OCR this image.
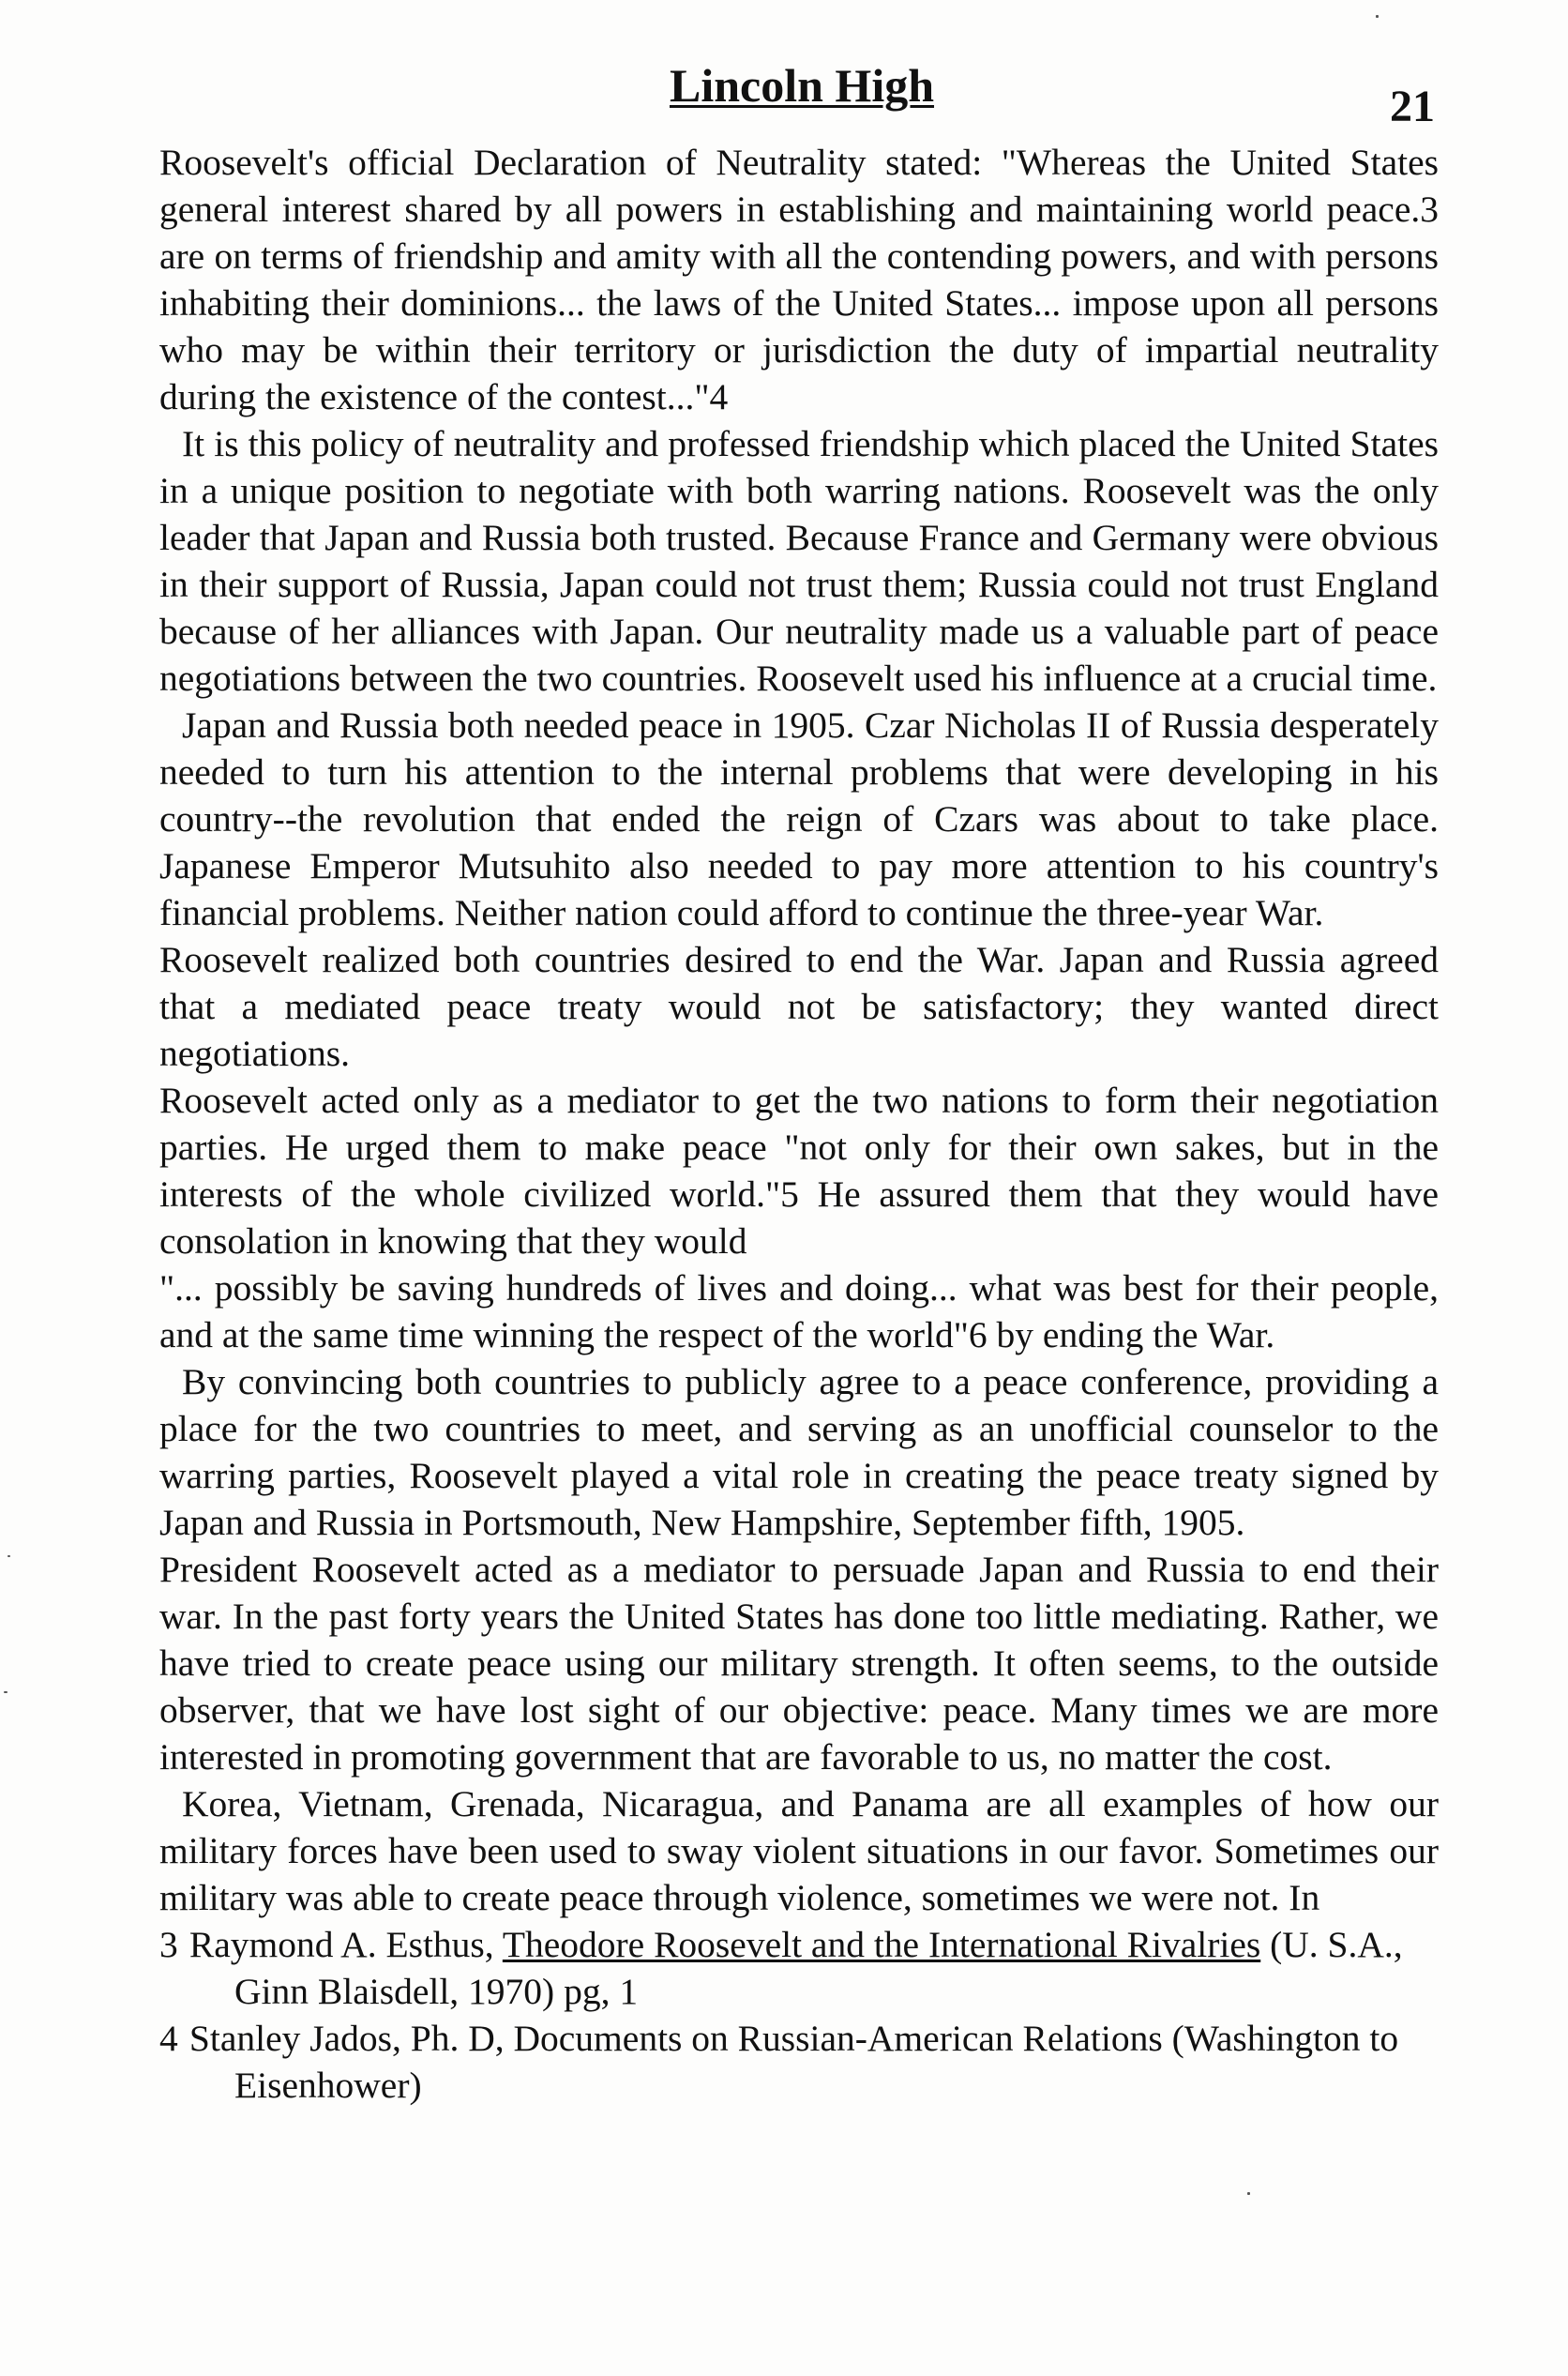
Lincoln High	21

Roosevelt's official Declaration of Neutrality stated: "Whereas the United States general interest shared by all powers in establishing and maintaining world peace.3 are on terms of friendship and amity with all the contending powers, and with persons inhabiting their dominions... the laws of the United States... impose upon all persons who may be within their territory or jurisdiction the duty of impartial neutrality during the existence of the contest..."4

It is this policy of neutrality and professed friendship which placed the United States in a unique position to negotiate with both warring nations. Roosevelt was the only leader that Japan and Russia both trusted. Because France and Germany were obvious in their support of Russia, Japan could not trust them; Russia could not trust England because of her alliances with Japan. Our neutrality made us a valuable part of peace negotiations between the two countries. Roosevelt used his influence at a crucial time.

Japan and Russia both needed peace in 1905. Czar Nicholas II of Russia desperately needed to turn his attention to the internal problems that were developing in his country--the revolution that ended the reign of Czars was about to take place. Japanese Emperor Mutsuhito also needed to pay more attention to his country's financial problems. Neither nation could afford to continue the three-year War.

Roosevelt realized both countries desired to end the War. Japan and Russia agreed that a mediated peace treaty would not be satisfactory; they wanted direct negotiations.

Roosevelt acted only as a mediator to get the two nations to form their negotiation parties. He urged them to make peace "not only for their own sakes, but in the interests of the whole civilized world."5 He assured them that they would have consolation in knowing that they would

"... possibly be saving hundreds of lives and doing... what was best for their people, and at the same time winning the respect of the world"6 by ending the War.

By convincing both countries to publicly agree to a peace conference, providing a place for the two countries to meet, and serving as an unofficial counselor to the warring parties, Roosevelt played a vital role in creating the peace treaty signed by Japan and Russia in Portsmouth, New Hampshire, September fifth, 1905.

President Roosevelt acted as a mediator to persuade Japan and Russia to end their war. In the past forty years the United States has done too little mediating. Rather, we have tried to create peace using our military strength. It often seems, to the outside observer, that we have lost sight of our objective: peace. Many times we are more interested in promoting government that are favorable to us, no matter the cost.

Korea, Vietnam, Grenada, Nicaragua, and Panama are all examples of how our military forces have been used to sway violent situations in our favor. Sometimes our military was able to create peace through violence, sometimes we were not. In

3 Raymond A. Esthus, Theodore Roosevelt and the International Rivalries (U. S.A., Ginn Blaisdell, 1970) pg, 1
4 Stanley Jados, Ph. D, Documents on Russian-American Relations (Washington to Eisenhower)
